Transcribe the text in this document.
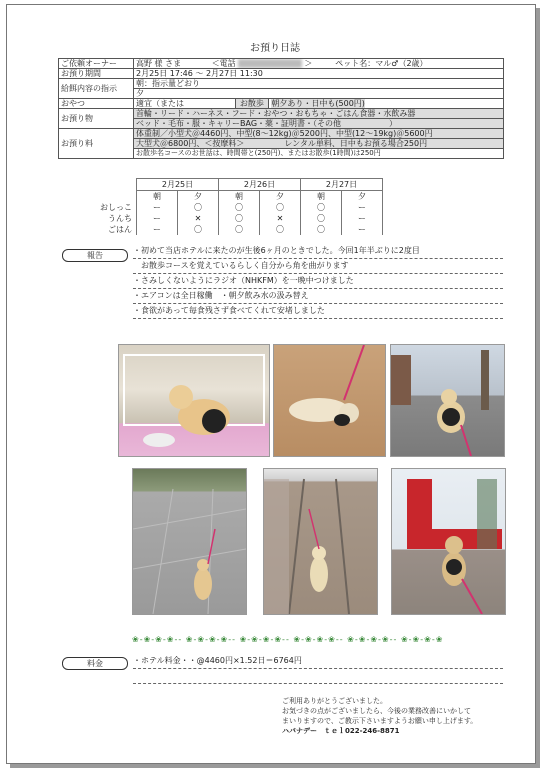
お預り日誌
ご依頼オーナー	高野 様 さま ＜電話 090-XXXX-XXXX ＞ ペット名：マル♂（2歳）
お預り期間	2月25日 17:46 ～ 2月27日 11:30
給餌内容の指示	朝：指示量どおり
	夕
おやつ	適宜（または お散歩 朝夕あり・日中も(500円)
お預り物	首輪・リード・ハーネス・フード・おやつ・おもちゃ・ごはん食器・水飲み器
	ベッド・毛布・服・キャリーBAG・薬・証明書・（その他　　　　　　）
お預り料	体重制／小型犬＠4460円、中型(8～12kg)＠5200円、中型(12～19kg)＠5600円
	大型犬＠6800円、＜按摩料＞　　　　　レンタル単料、日中もお預る場合250円
	お散歩名コースのお世話は、時間帯と(250円)、またはお散歩(1時間)は250円
	2月25日		2月26日		2月27日	
	朝	夕	朝	夕	朝	夕
おしっこ	ー	〇	〇	〇	〇	ー
うんち	ー	✕	〇	✕	〇	ー
ごはん	ー	〇	〇	〇	〇	ー
報告
・初めて当店ホテルに来たのが生後6ヶ月のときでした。今回1年半ぶりに2度目
　お散歩コースを覚えているらしく自分から角を曲がります
・さみしくないようにラジオ（NHKFM）を一晩中つけました
・エアコンは全日稼働　・朝夕飲み水の汲み替え
・食欲があって毎食残さず食べてくれて安堵しました
❀-❀-❀-❀-- ❀-❀-❀-❀-- ❀-❀-❀-❀-- ❀-❀-❀-❀-- ❀-❀-❀-❀-- ❀-❀-❀-❀
料金	・ホテル料金・・@4460円×1.52日＝6764円
ご利用ありがとうございました。
お気づきの点がございましたら、今後の業務改善にいかして
まいりますので、ご教示下さいますようお願い申し上げます。
ハバナデー　ｔｅｌ022-246-8871
